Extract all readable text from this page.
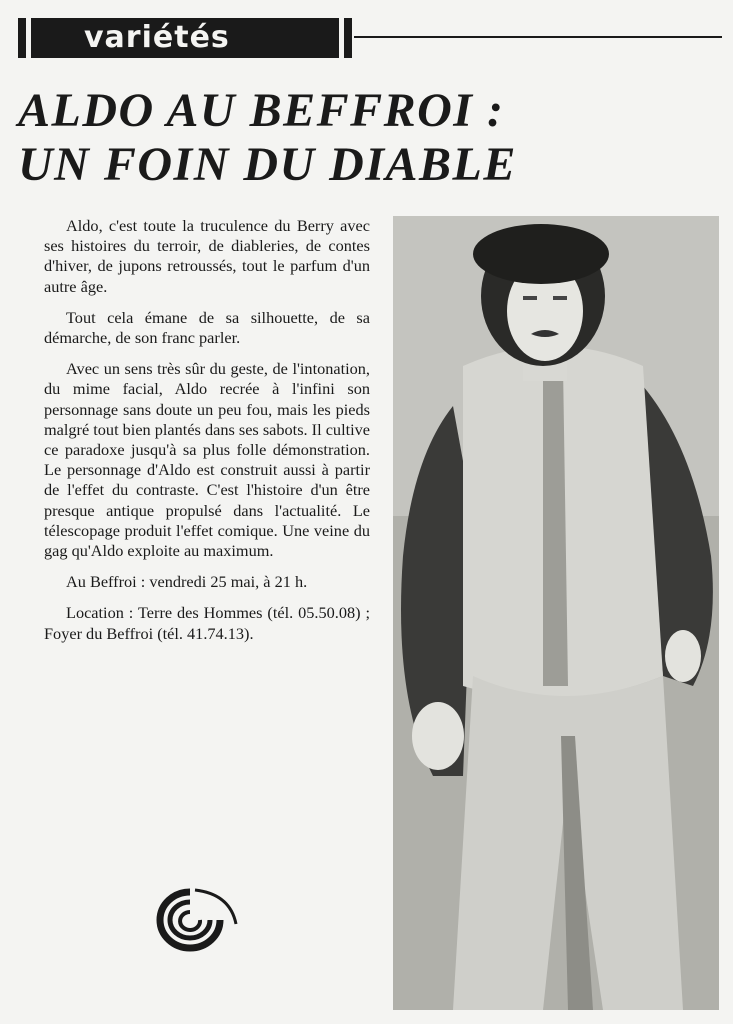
variétés
ALDO AU BEFFROI :
UN FOIN DU DIABLE

Aldo, c'est toute la truculence du Berry avec ses histoires du terroir, de diableries, de contes d'hiver, de jupons retroussés, tout le parfum d'un autre âge.

Tout cela émane de sa silhouette, de sa démarche, de son franc parler.

Avec un sens très sûr du geste, de l'intonation, du mime facial, Aldo recrée à l'infini son personnage sans doute un peu fou, mais les pieds malgré tout bien plantés dans ses sabots. Il cultive ce paradoxe jusqu'à sa plus folle démonstration. Le personnage d'Aldo est construit aussi à partir de l'effet du contraste. C'est l'histoire d'un être presque antique propulsé dans l'actualité. Le télescopage produit l'effet comique. Une veine du gag qu'Aldo exploite au maximum.

Au Beffroi : vendredi 25 mai, à 21 h.

Location : Terre des Hommes (tél. 05.50.08) ; Foyer du Beffroi (tél. 41.74.13).
